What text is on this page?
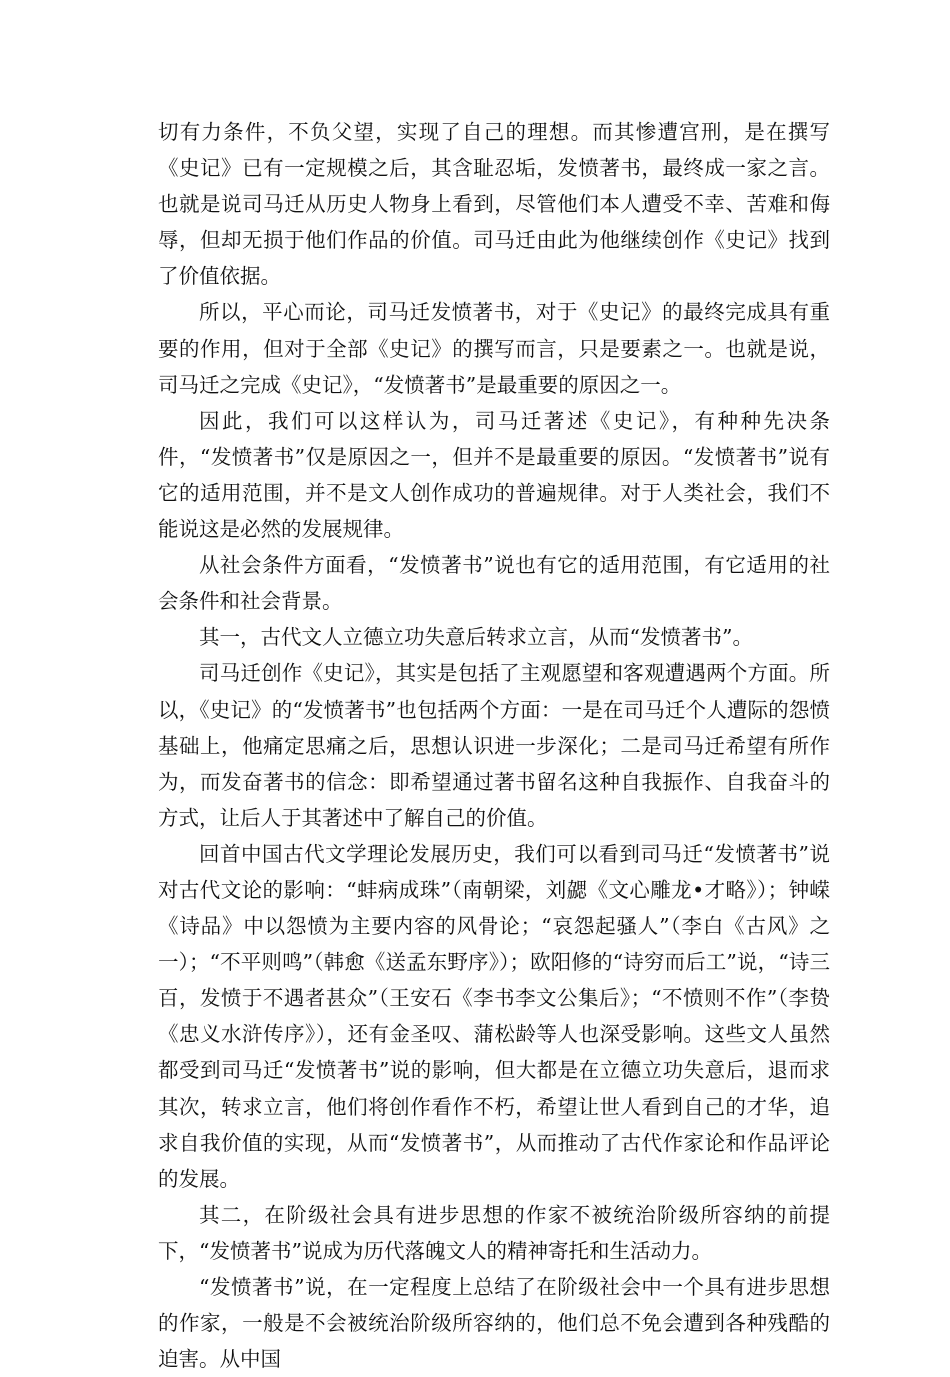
切有力条件，不负父望，实现了自己的理想。而其惨遭宫刑，是在撰写《史记》已有一定规模之后，其含耻忍垢，发愤著书，最终成一家之言。也就是说司马迁从历史人物身上看到，尽管他们本人遭受不幸、苦难和侮辱，但却无损于他们作品的价值。司马迁由此为他继续创作《史记》找到了价值依据。

所以，平心而论，司马迁发愤著书，对于《史记》的最终完成具有重要的作用，但对于全部《史记》的撰写而言，只是要素之一。也就是说，司马迁之完成《史记》，“发愤著书”是最重要的原因之一。

因此，我们可以这样认为，司马迁著述《史记》，有种种先决条件，“发愤著书”仅是原因之一，但并不是最重要的原因。“发愤著书”说有它的适用范围，并不是文人创作成功的普遍规律。对于人类社会，我们不能说这是必然的发展规律。

从社会条件方面看，“发愤著书”说也有它的适用范围，有它适用的社会条件和社会背景。

其一，古代文人立德立功失意后转求立言，从而“发愤著书”。

司马迁创作《史记》，其实是包括了主观愿望和客观遭遇两个方面。所以，《史记》的“发愤著书”也包括两个方面：一是在司马迁个人遭际的怨愤基础上，他痛定思痛之后，思想认识进一步深化；二是司马迁希望有所作为，而发奋著书的信念：即希望通过著书留名这种自我振作、自我奋斗的方式，让后人于其著述中了解自己的价值。

回首中国古代文学理论发展历史，我们可以看到司马迁“发愤著书”说对古代文论的影响：“蚌病成珠”（南朝梁，刘勰《文心雕龙•才略》）；钟嵘《诗品》中以怨愤为主要内容的风骨论；“哀怨起骚人”（李白《古风》之一）；“不平则鸣”（韩愈《送孟东野序》）；欧阳修的“诗穷而后工”说，“诗三百，发愤于不遇者甚众”（王安石《李书李文公集后》；“不愤则不作”（李贽《忠义水浒传序》），还有金圣叹、蒲松龄等人也深受影响。这些文人虽然都受到司马迁“发愤著书”说的影响，但大都是在立德立功失意后，退而求其次，转求立言，他们将创作看作不朽，希望让世人看到自己的才华，追求自我价值的实现，从而“发愤著书”，从而推动了古代作家论和作品评论的发展。

其二，在阶级社会具有进步思想的作家不被统治阶级所容纳的前提下，“发愤著书”说成为历代落魄文人的精神寄托和生活动力。

“发愤著书”说，在一定程度上总结了在阶级社会中一个具有进步思想的作家，一般是不会被统治阶级所容纳的，他们总不免会遭到各种残酷的迫害。从中国
